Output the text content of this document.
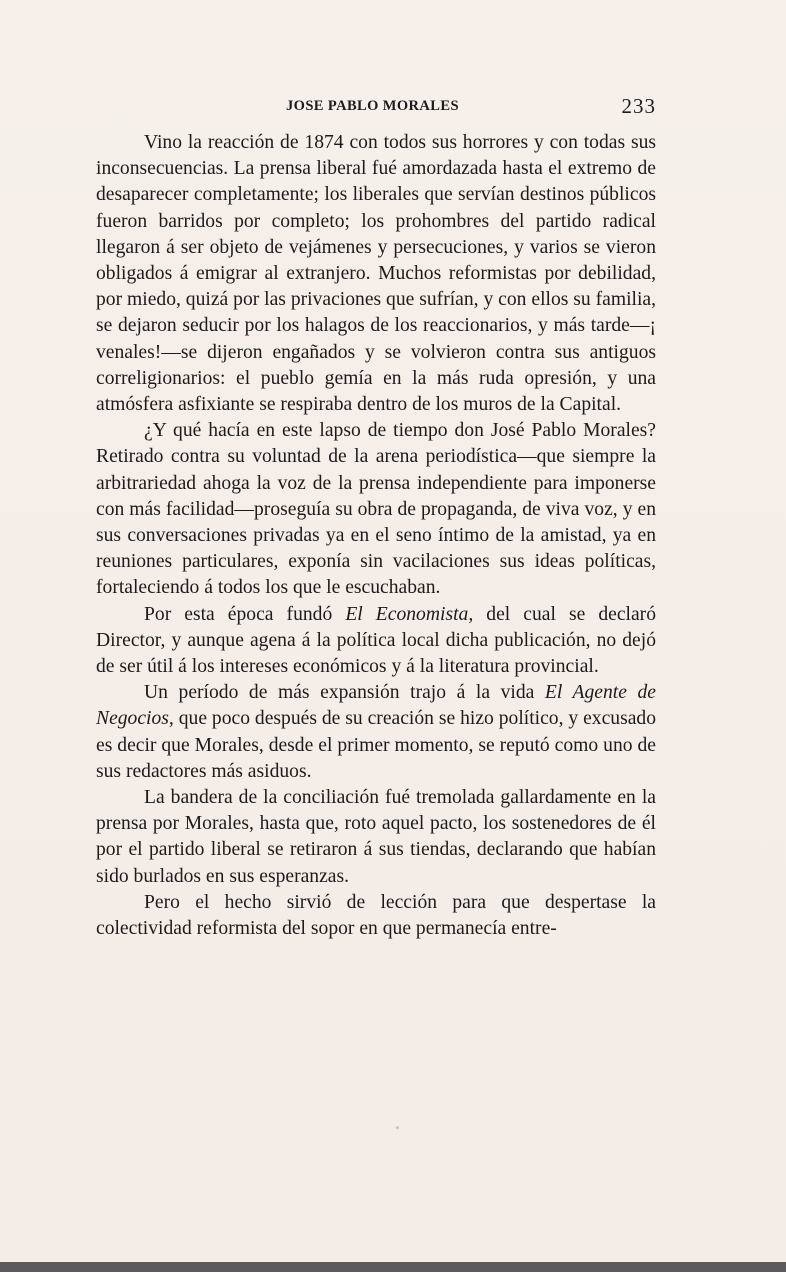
JOSE PABLO MORALES	233

Vino la reacción de 1874 con todos sus horrores y con todas sus inconsecuencias. La prensa liberal fué amordazada hasta el extremo de desaparecer completamente; los liberales que servían destinos públicos fueron barridos por completo; los prohombres del partido radical llegaron á ser objeto de vejámenes y persecuciones, y varios se vieron obligados á emigrar al extranjero. Muchos reformistas por debilidad, por miedo, quizá por las privaciones que sufrían, y con ellos su familia, se dejaron seducir por los halagos de los reaccionarios, y más tarde—¡ venales!—se dijeron engañados y se volvieron contra sus antiguos correligionarios: el pueblo gemía en la más ruda opresión, y una atmósfera asfixiante se respiraba dentro de los muros de la Capital.

¿Y qué hacía en este lapso de tiempo don José Pablo Morales? Retirado contra su voluntad de la arena periodística—que siempre la arbitrariedad ahoga la voz de la prensa independiente para imponerse con más facilidad—proseguía su obra de propaganda, de viva voz, y en sus conversaciones privadas ya en el seno íntimo de la amistad, ya en reuniones particulares, exponía sin vacilaciones sus ideas políticas, fortaleciendo á todos los que le escuchaban.

Por esta época fundó El Economista, del cual se declaró Director, y aunque agena á la política local dicha publicación, no dejó de ser útil á los intereses económicos y á la literatura provincial.

Un período de más expansión trajo á la vida El Agente de Negocios, que poco después de su creación se hizo político, y excusado es decir que Morales, desde el primer momento, se reputó como uno de sus redactores más asiduos.

La bandera de la conciliación fué tremolada gallardamente en la prensa por Morales, hasta que, roto aquel pacto, los sostenedores de él por el partido liberal se retiraron á sus tiendas, declarando que habían sido burlados en sus esperanzas.

Pero el hecho sirvió de lección para que despertase la colectividad reformista del sopor en que permanecía entre-
